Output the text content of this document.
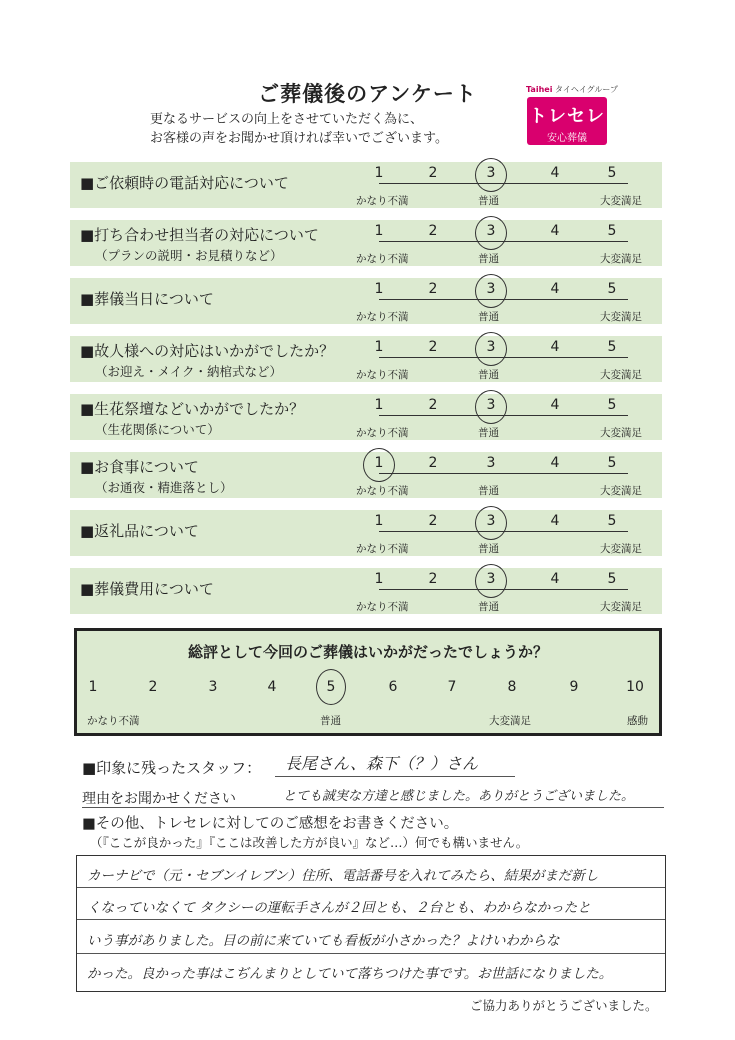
ご葬儀後のアンケート
更なるサービスの向上をさせていただく為に、
お客様の声をお聞かせ頂ければ幸いでございます。
Taihei タイヘイグループ
トレセレ
安心葬儀
■ご依頼時の電話対応について
1	2	3	4	5
かなり不満	普通	大変満足
■打ち合わせ担当者の対応について
（プランの説明・お見積りなど）
1	2	3	4	5
かなり不満	普通	大変満足
■葬儀当日について
1	2	3	4	5
かなり不満	普通	大変満足
■故人様への対応はいかがでしたか？
（お迎え・メイク・納棺式など）
1	2	3	4	5
かなり不満	普通	大変満足
■生花祭壇などいかがでしたか？
（生花関係について）
1	2	3	4	5
かなり不満	普通	大変満足
■お食事について
（お通夜・精進落とし）
1	2	3	4	5
かなり不満	普通	大変満足
■返礼品について
1	2	3	4	5
かなり不満	普通	大変満足
■葬儀費用について
1	2	3	4	5
かなり不満	普通	大変満足
総評として今回のご葬儀はいかがだったでしょうか？
1	2	3	4	5	6	7	8	9	10
かなり不満	普通	大変満足	感動
■印象に残ったスタッフ： 長尾さん、森下（？）さん
理由をお聞かせください	とても誠実な方達と感じました。ありがとうございました。
■その他、トレセレに対してのご感想をお書きください。
（『ここが良かった』『ここは改善した方が良い』など…）何でも構いません。
カーナビで（元・セブンイレブン）住所、電話番号を入れてみたら、結果がまだ新し
くなっていなくて タクシーの運転手さんが２回とも、２台とも、わからなかったと
いう事がありました。目の前に来ていても看板が小さかった？よけいわからな
かった。良かった事はこぢんまりとしていて落ちつけた事です。お世話になりました。
ご協力ありがとうございました。
